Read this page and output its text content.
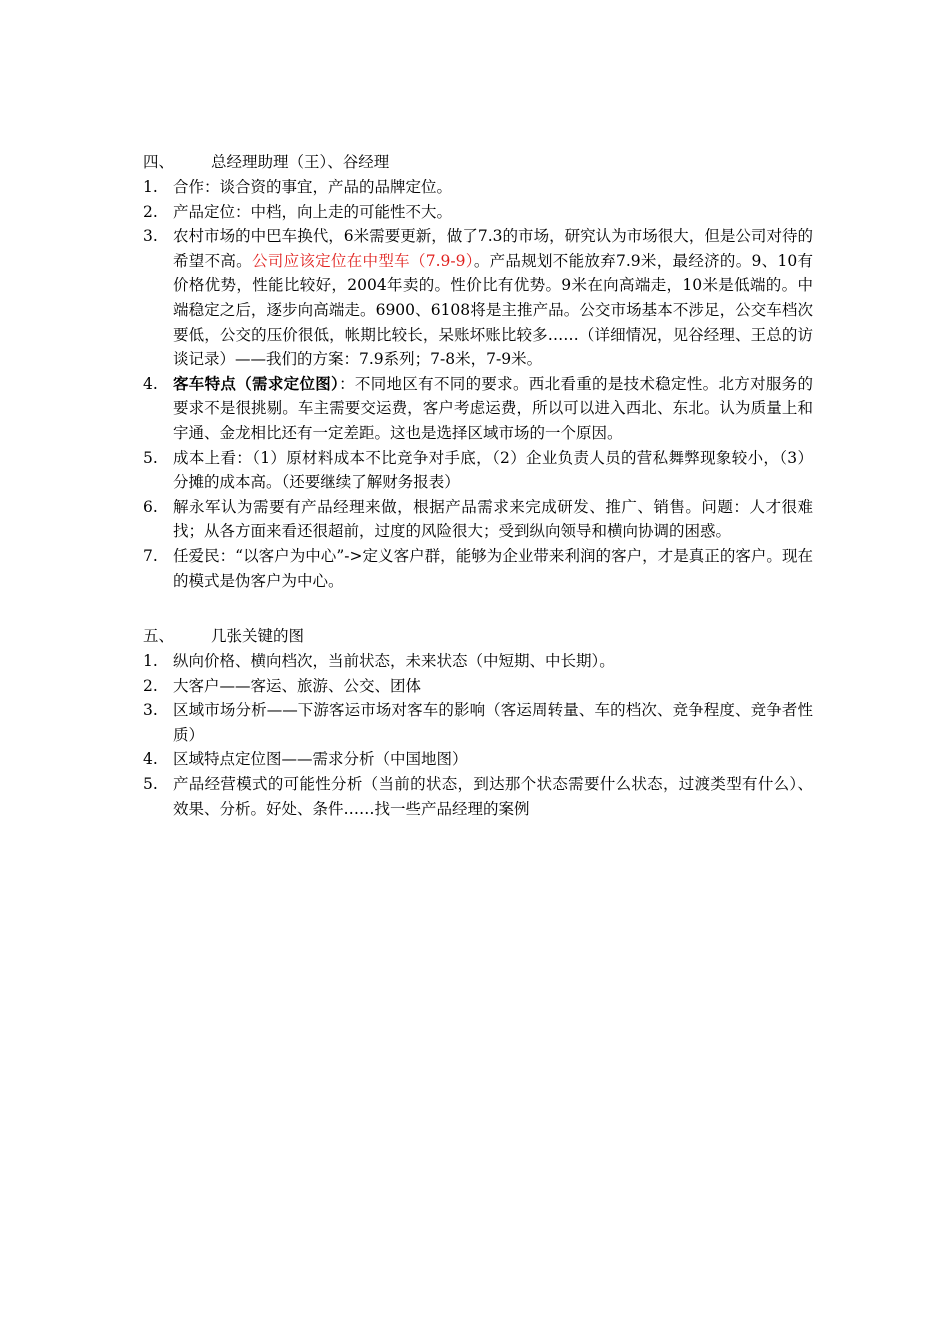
四、 总经理助理（王）、谷经理
1. 合作：谈合资的事宜，产品的品牌定位。
2. 产品定位：中档，向上走的可能性不大。
3. 农村市场的中巴车换代，6米需要更新，做了7.3的市场，研究认为市场很大，但是公司对待的希望不高。公司应该定位在中型车（7.9-9）。产品规划不能放弃7.9米，最经济的。9、10有价格优势，性能比较好，2004年卖的。性价比有优势。9米在向高端走，10米是低端的。中端稳定之后，逐步向高端走。6900、6108将是主推产品。公交市场基本不涉足，公交车档次要低，公交的压价很低，帐期比较长，呆账坏账比较多……（详细情况，见谷经理、王总的访谈记录）——我们的方案：7.9系列；7-8米，7-9米。
4. 客车特点（需求定位图）：不同地区有不同的要求。西北看重的是技术稳定性。北方对服务的要求不是很挑剔。车主需要交运费，客户考虑运费，所以可以进入西北、东北。认为质量上和宇通、金龙相比还有一定差距。这也是选择区域市场的一个原因。
5. 成本上看：（1）原材料成本不比竞争对手底，（2）企业负责人员的营私舞弊现象较小，（3）分摊的成本高。（还要继续了解财务报表）
6. 解永军认为需要有产品经理来做，根据产品需求来完成研发、推广、销售。问题：人才很难找；从各方面来看还很超前，过度的风险很大；受到纵向领导和横向协调的困惑。
7. 任爱民：“以客户为中心”->定义客户群，能够为企业带来利润的客户，才是真正的客户。现在的模式是伪客户为中心。
五、 几张关键的图
1. 纵向价格、横向档次，当前状态，未来状态（中短期、中长期）。
2. 大客户——客运、旅游、公交、团体
3. 区域市场分析——下游客运市场对客车的影响（客运周转量、车的档次、竞争程度、竞争者性质）
4. 区域特点定位图——需求分析（中国地图）
5. 产品经营模式的可能性分析（当前的状态，到达那个状态需要什么状态，过渡类型有什么）、效果、分析。好处、条件……找一些产品经理的案例
